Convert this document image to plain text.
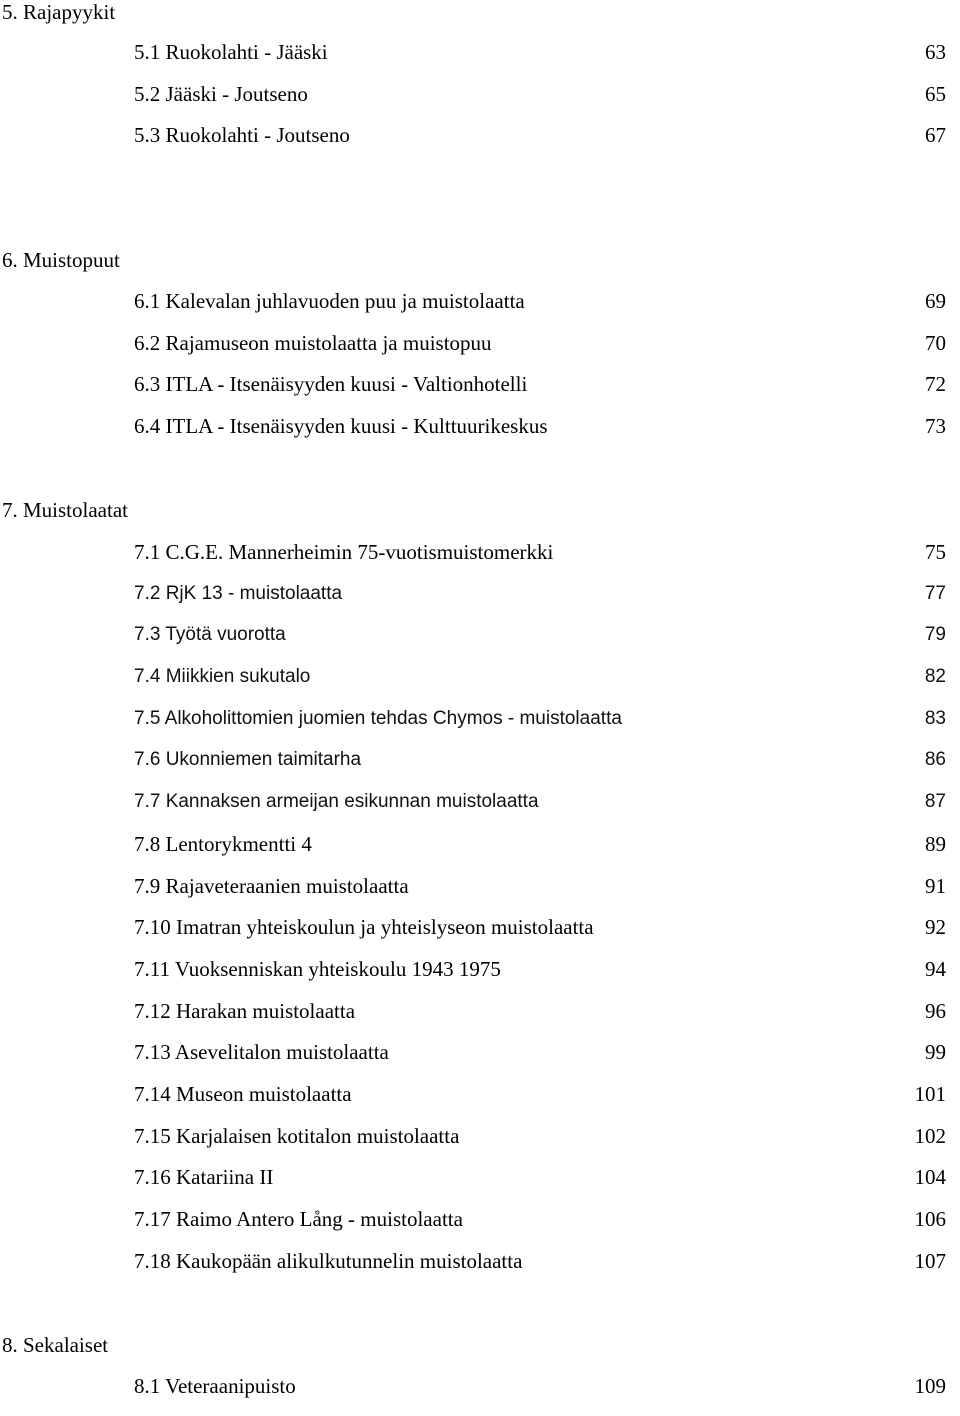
5. Rajapyykit
5.1 Ruokolahti - Jääski	63
5.2 Jääski - Joutseno	65
5.3 Ruokolahti - Joutseno	67
6. Muistopuut
6.1 Kalevalan juhlavuoden puu ja muistolaatta	69
6.2 Rajamuseon muistolaatta ja muistopuu	70
6.3 ITLA - Itsenäisyyden kuusi - Valtionhotelli	72
6.4 ITLA - Itsenäisyyden kuusi - Kulttuurikeskus	73
7. Muistolaatat
7.1 C.G.E. Mannerheimin 75-vuotismuistomerkki	75
7.2 RjK 13 - muistolaatta	77
7.3 Työtä vuorotta	79
7.4 Miikkien sukutalo	82
7.5 Alkoholittomien juomien tehdas Chymos - muistolaatta	83
7.6 Ukonniemen taimitarha	86
7.7 Kannaksen armeijan esikunnan muistolaatta	87
7.8 Lentorykmentti 4	89
7.9 Rajaveteraanien muistolaatta	91
7.10 Imatran yhteiskoulun ja yhteislyseon muistolaatta	92
7.11 Vuoksenniskan yhteiskoulu 1943 1975	94
7.12 Harakan muistolaatta	96
7.13 Asevelitalon muistolaatta	99
7.14 Museon muistolaatta	101
7.15 Karjalaisen kotitalon muistolaatta	102
7.16 Katariina II	104
7.17 Raimo Antero Lång - muistolaatta	106
7.18 Kaukopään alikulkutunnelin muistolaatta	107
8. Sekalaiset
8.1 Veteraanipuisto	109
